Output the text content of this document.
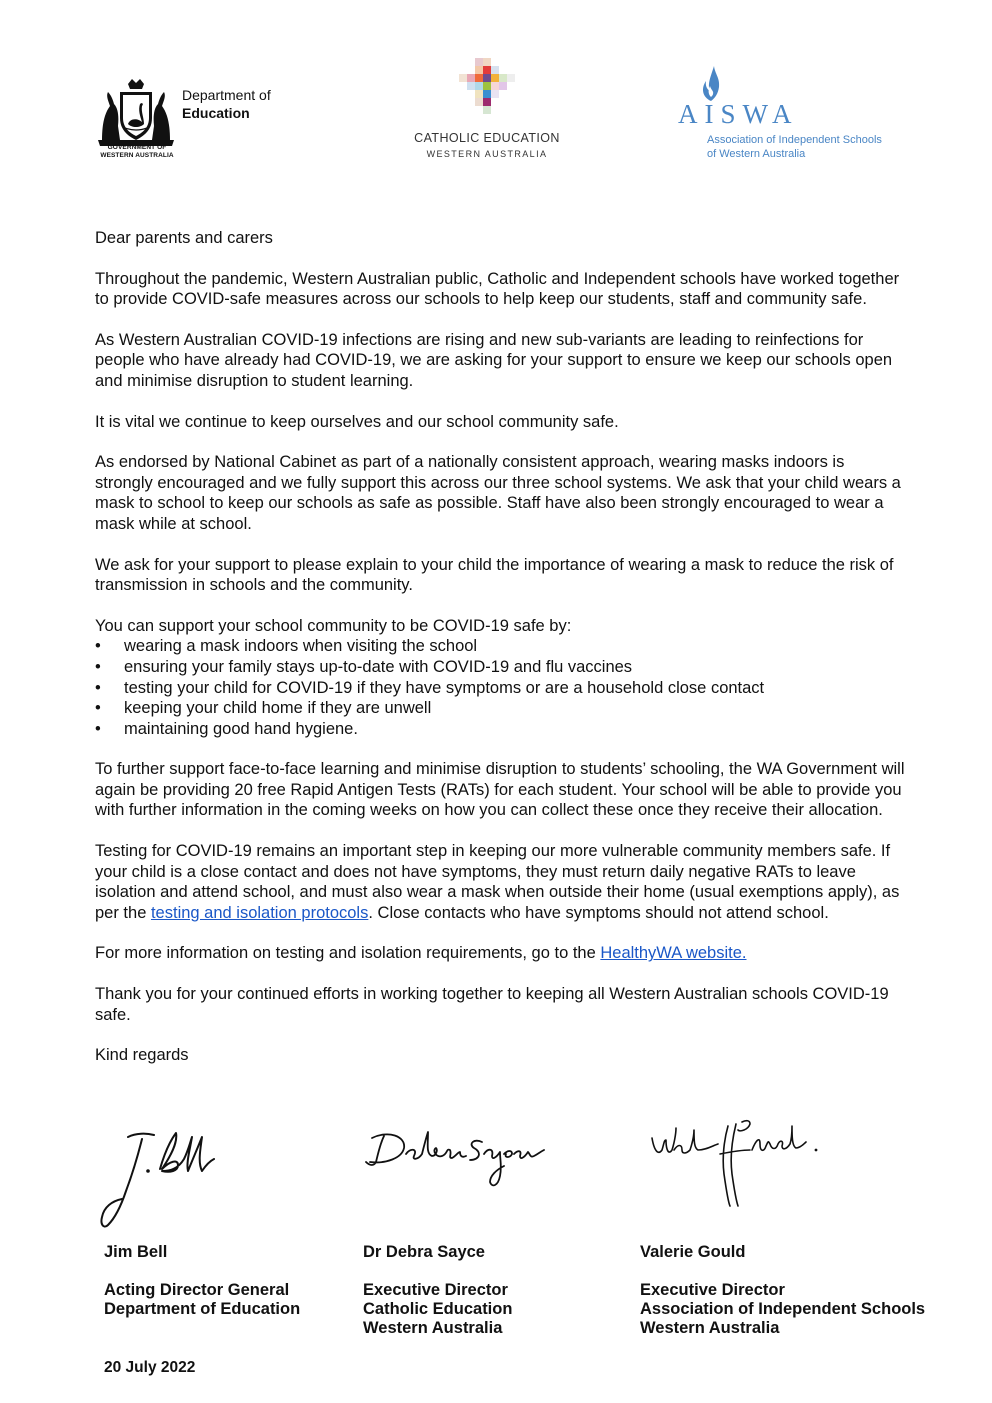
GOVERNMENT OF
WESTERN AUSTRALIA
Department of
Education
CATHOLIC EDUCATION
WESTERN AUSTRALIA
AISWA
Association of Independent Schools
of Western Australia

Dear parents and carers

Throughout the pandemic, Western Australian public, Catholic and Independent schools have worked together to provide COVID-safe measures across our schools to help keep our students, staff and community safe.

As Western Australian COVID-19 infections are rising and new sub-variants are leading to reinfections for people who have already had COVID-19, we are asking for your support to ensure we keep our schools open and minimise disruption to student learning.

It is vital we continue to keep ourselves and our school community safe.

As endorsed by National Cabinet as part of a nationally consistent approach, wearing masks indoors is strongly encouraged and we fully support this across our three school systems. We ask that your child wears a mask to school to keep our schools as safe as possible. Staff have also been strongly encouraged to wear a mask while at school.

We ask for your support to please explain to your child the importance of wearing a mask to reduce the risk of transmission in schools and the community.

You can support your school community to be COVID-19 safe by:

• wearing a mask indoors when visiting the school
• ensuring your family stays up-to-date with COVID-19 and flu vaccines
• testing your child for COVID-19 if they have symptoms or are a household close contact
• keeping your child home if they are unwell
• maintaining good hand hygiene.

To further support face-to-face learning and minimise disruption to students’ schooling, the WA Government will again be providing 20 free Rapid Antigen Tests (RATs) for each student. Your school will be able to provide you with further information in the coming weeks on how you can collect these once they receive their allocation.

Testing for COVID-19 remains an important step in keeping our more vulnerable community members safe. If your child is a close contact and does not have symptoms, they must return daily negative RATs to leave isolation and attend school, and must also wear a mask when outside their home (usual exemptions apply), as per the testing and isolation protocols. Close contacts who have symptoms should not attend school.

For more information on testing and isolation requirements, go to the HealthyWA website.

Thank you for your continued efforts in working together to keeping all Western Australian schools COVID-19 safe.

Kind regards

Jim Bell
Acting Director General
Department of Education
Dr Debra Sayce
Executive Director
Catholic Education
Western Australia
Valerie Gould
Executive Director
Association of Independent Schools
Western Australia
20 July 2022
